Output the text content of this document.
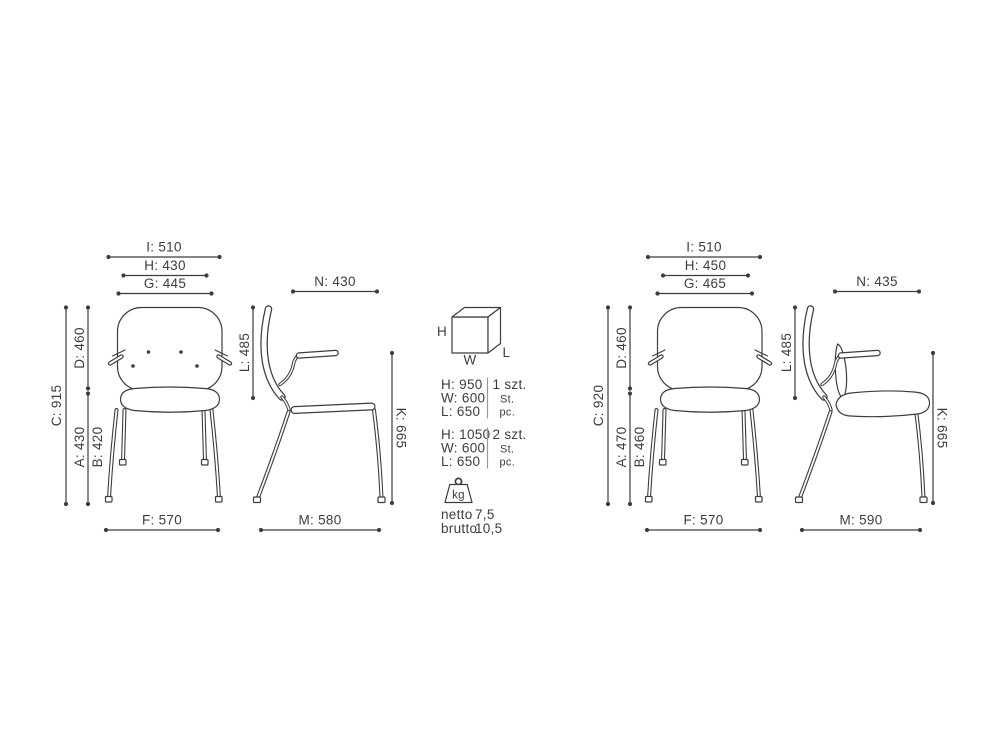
I: 510
H: 430
G: 445
C: 915
D: 460
A: 430 B: 420
F: 570	M: 580
N: 430
L: 485
K: 665
I: 510
H: 450
G: 465
C: 920
D: 460
A: 470 B: 460
F: 570	M: 590
N: 435
L: 485
K: 665
H
W L
H: 950
W: 600
L: 650
1 szt.
St.
pc.
H: 1050
W: 600
L: 650
2 szt.
St.
pc.
kg
netto 7,5
brutto
10,5
